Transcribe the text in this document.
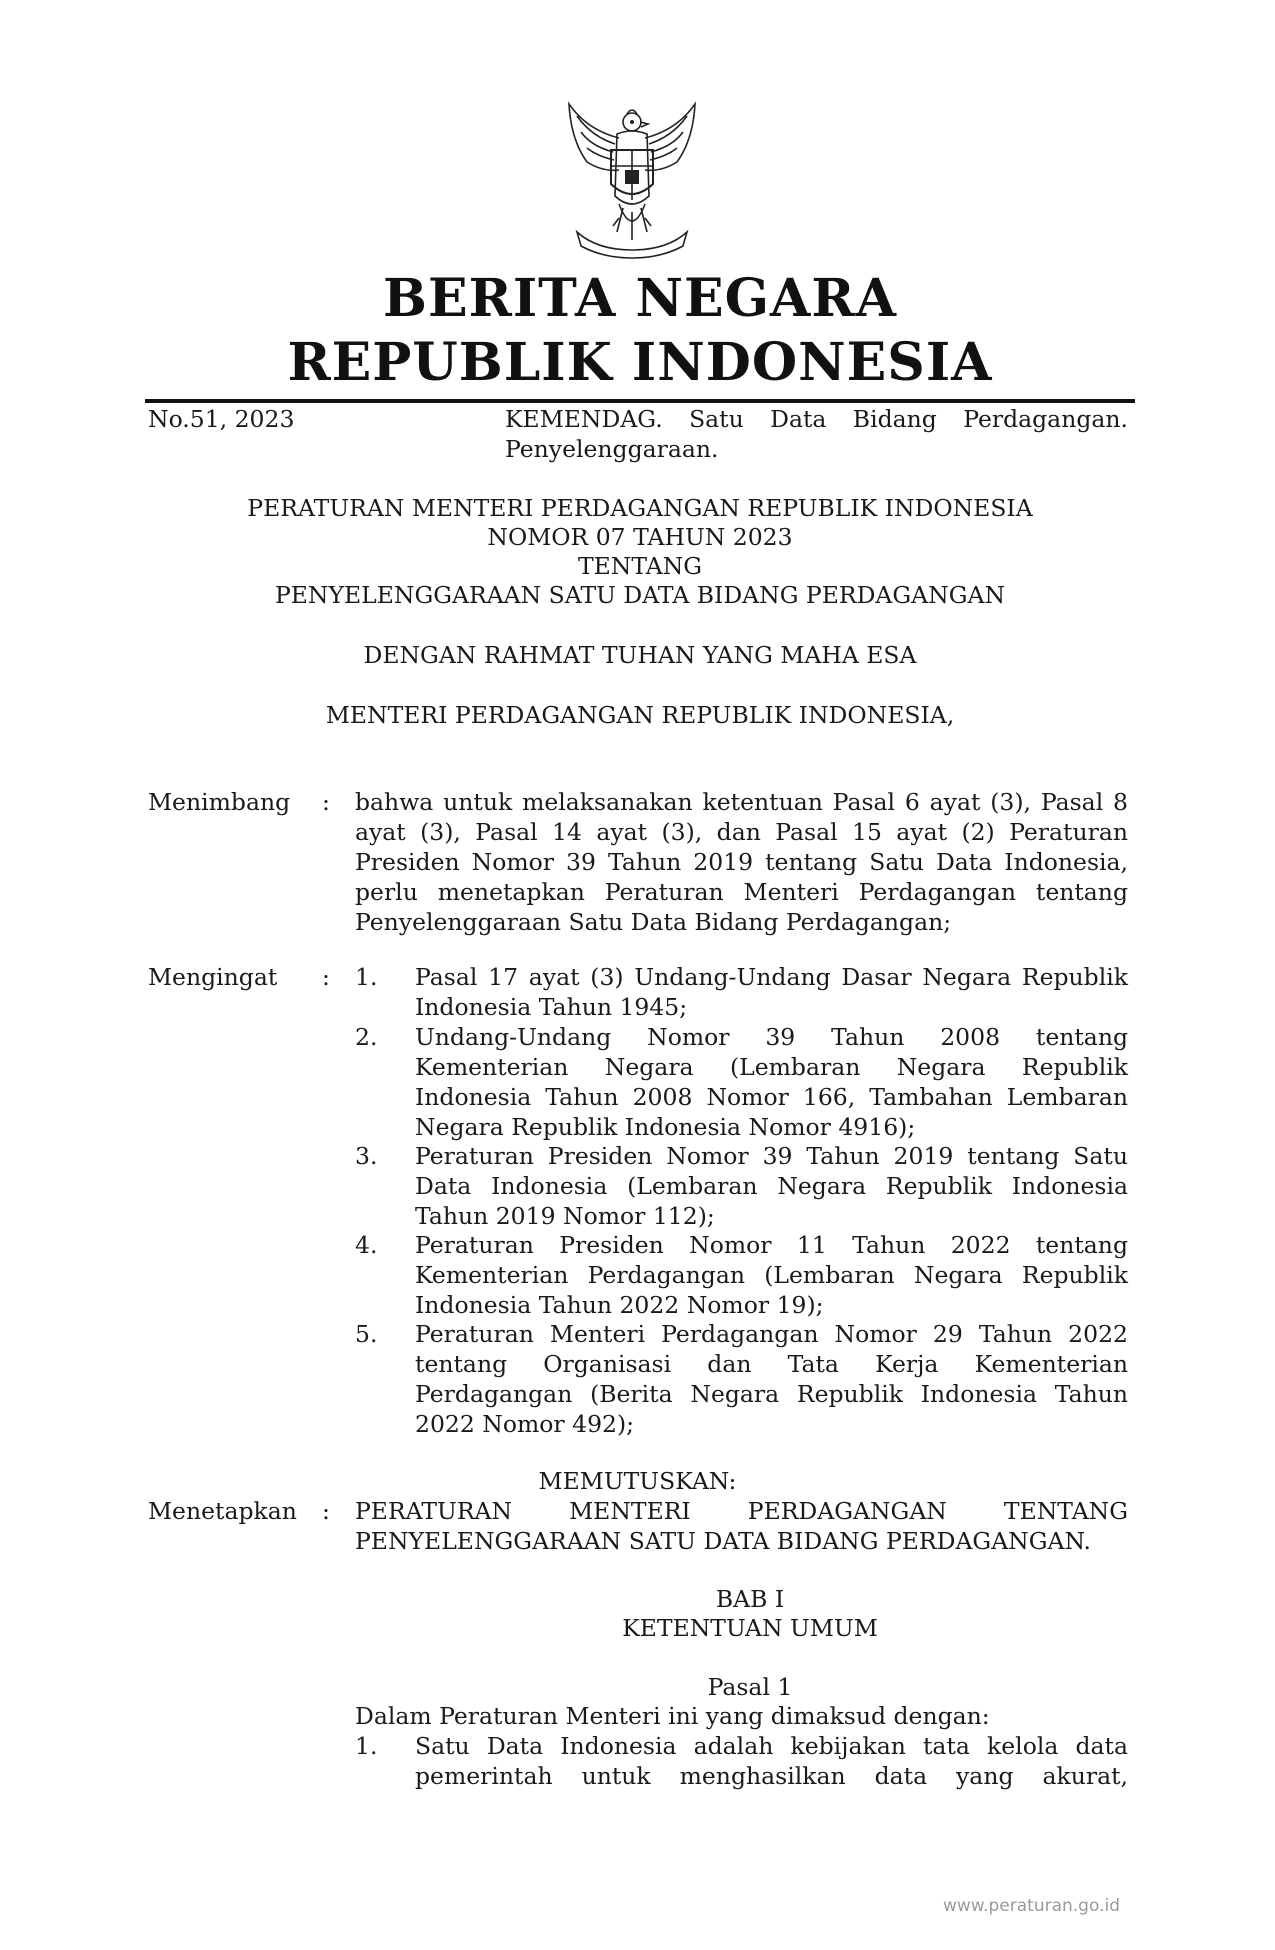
BERITA NEGARA
REPUBLIK INDONESIA
No.51, 2023	KEMENDAG. Satu Data Bidang Perdagangan. Penyelenggaraan.
PERATURAN MENTERI PERDAGANGAN REPUBLIK INDONESIA
NOMOR 07 TAHUN 2023
TENTANG
PENYELENGGARAAN SATU DATA BIDANG PERDAGANGAN
DENGAN RAHMAT TUHAN YANG MAHA ESA
MENTERI PERDAGANGAN REPUBLIK INDONESIA,
Menimbang : bahwa untuk melaksanakan ketentuan Pasal 6 ayat (3), Pasal 8 ayat (3), Pasal 14 ayat (3), dan Pasal 15 ayat (2) Peraturan Presiden Nomor 39 Tahun 2019 tentang Satu Data Indonesia, perlu menetapkan Peraturan Menteri Perdagangan tentang Penyelenggaraan Satu Data Bidang Perdagangan;
Mengingat : 1. Pasal 17 ayat (3) Undang-Undang Dasar Negara Republik Indonesia Tahun 1945;
2. Undang-Undang Nomor 39 Tahun 2008 tentang Kementerian Negara (Lembaran Negara Republik Indonesia Tahun 2008 Nomor 166, Tambahan Lembaran Negara Republik Indonesia Nomor 4916);
3. Peraturan Presiden Nomor 39 Tahun 2019 tentang Satu Data Indonesia (Lembaran Negara Republik Indonesia Tahun 2019 Nomor 112);
4. Peraturan Presiden Nomor 11 Tahun 2022 tentang Kementerian Perdagangan (Lembaran Negara Republik Indonesia Tahun 2022 Nomor 19);
5. Peraturan Menteri Perdagangan Nomor 29 Tahun 2022 tentang Organisasi dan Tata Kerja Kementerian Perdagangan (Berita Negara Republik Indonesia Tahun 2022 Nomor 492);
MEMUTUSKAN:
Menetapkan : PERATURAN MENTERI PERDAGANGAN TENTANG PENYELENGGARAAN SATU DATA BIDANG PERDAGANGAN.
BAB I
KETENTUAN UMUM
Pasal 1
Dalam Peraturan Menteri ini yang dimaksud dengan:
1. Satu Data Indonesia adalah kebijakan tata kelola data pemerintah untuk menghasilkan data yang akurat,
www.peraturan.go.id
